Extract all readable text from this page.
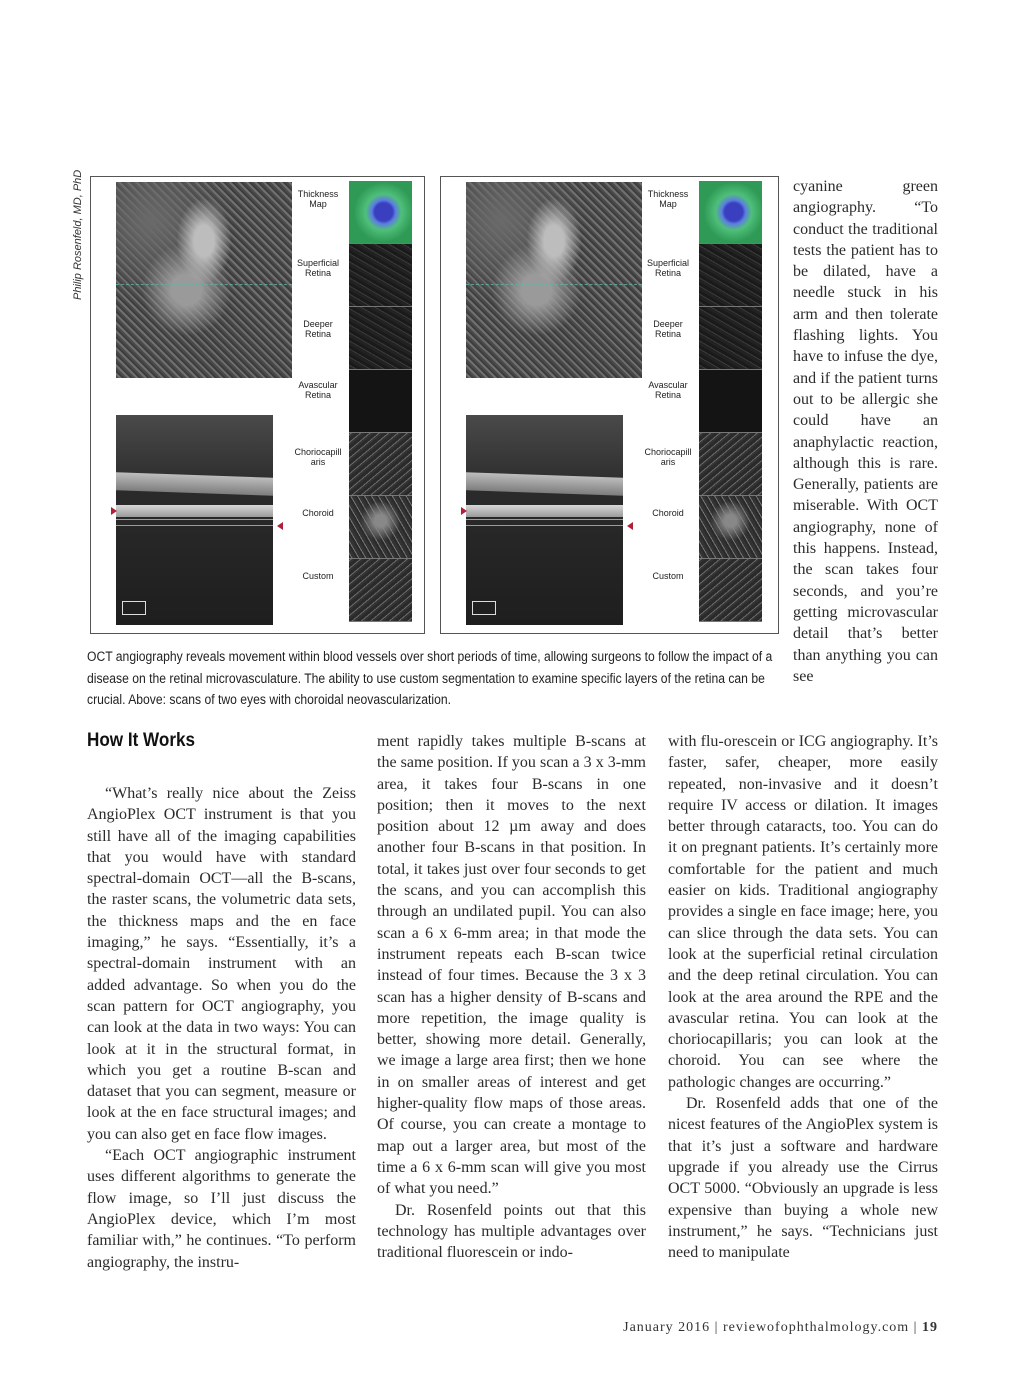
Philip Rosenfeld, MD, PhD	Thickness
Map
Superficial
Retina
Deeper
Retina
Avascular
Retina
Choriocapill
aris
Choroid
Custom
Thickness
Map
Superficial
Retina
Deeper
Retina
Avascular
Retina
Choriocapill
aris
Choroid
Custom
OCT angiography reveals movement within blood vessels over short periods of time, allowing surgeons to follow the impact of a disease on the retinal microvasculature. The ability to use custom segmentation to examine specific layers of the retina can be crucial. Above: scans of two eyes with choroidal neovascularization.

cyanine green angiography. “To conduct the traditional tests the patient has to be dilated, have a needle stuck in his arm and then tolerate flashing lights. You have to infuse the dye, and if the patient turns out to be allergic she could have an anaphylactic reaction, although this is rare. Generally, patients are miserable. With OCT angiography, none of this happens. Instead, the scan takes four seconds, and you’re getting microvascular detail that’s better than anything you can see

How It Works

“What’s really nice about the Zeiss AngioPlex OCT instrument is that you still have all of the imaging capabilities that you would have with standard spectral-domain OCT—all the B-scans, the raster scans, the volumetric data sets, the thickness maps and the en face imaging,” he says. “Essentially, it’s a spectral-domain instrument with an added advantage. So when you do the scan pattern for OCT angiography, you can look at the data in two ways: You can look at it in the structural format, in which you get a routine B-scan and dataset that you can segment, measure or look at the en face structural images; and you can also get en face flow images.

“Each OCT angiographic instrument uses different algorithms to generate the flow image, so I’ll just discuss the AngioPlex device, which I’m most familiar with,” he continues. “To perform angiography, the instru-

ment rapidly takes multiple B-scans at the same position. If you scan a 3 x 3-mm area, it takes four B-scans in one position; then it moves to the next position about 12 µm away and does another four B-scans in that position. In total, it takes just over four seconds to get the scans, and you can accomplish this through an undilated pupil. You can also scan a 6 x 6-mm area; in that mode the instrument repeats each B-scan twice instead of four times. Because the 3 x 3 scan has a higher density of B-scans and more repetition, the image quality is better, showing more detail. Generally, we image a large area first; then we hone in on smaller areas of interest and get higher-quality flow maps of those areas. Of course, you can create a montage to map out a larger area, but most of the time a 6 x 6-mm scan will give you most of what you need.”

Dr. Rosenfeld points out that this technology has multiple advantages over traditional fluorescein or indo-

with flu-orescein or ICG angiography. It’s faster, safer, cheaper, more easily repeated, non-invasive and it doesn’t require IV access or dilation. It images better through cataracts, too. You can do it on pregnant patients. It’s certainly more comfortable for the patient and much easier on kids. Traditional angiography provides a single en face image; here, you can slice through the data sets. You can look at the superficial retinal circulation and the deep retinal circulation. You can look at the area around the RPE and the avascular retina. You can look at the choriocapillaris; you can look at the choroid. You can see where the pathologic changes are occurring.”

Dr. Rosenfeld adds that one of the nicest features of the AngioPlex system is that it’s just a software and hardware upgrade if you already use the Cirrus OCT 5000. “Obviously an upgrade is less expensive than buying a whole new instrument,” he says. “Technicians just need to manipulate

January 2016 | reviewofophthalmology.com | 19
